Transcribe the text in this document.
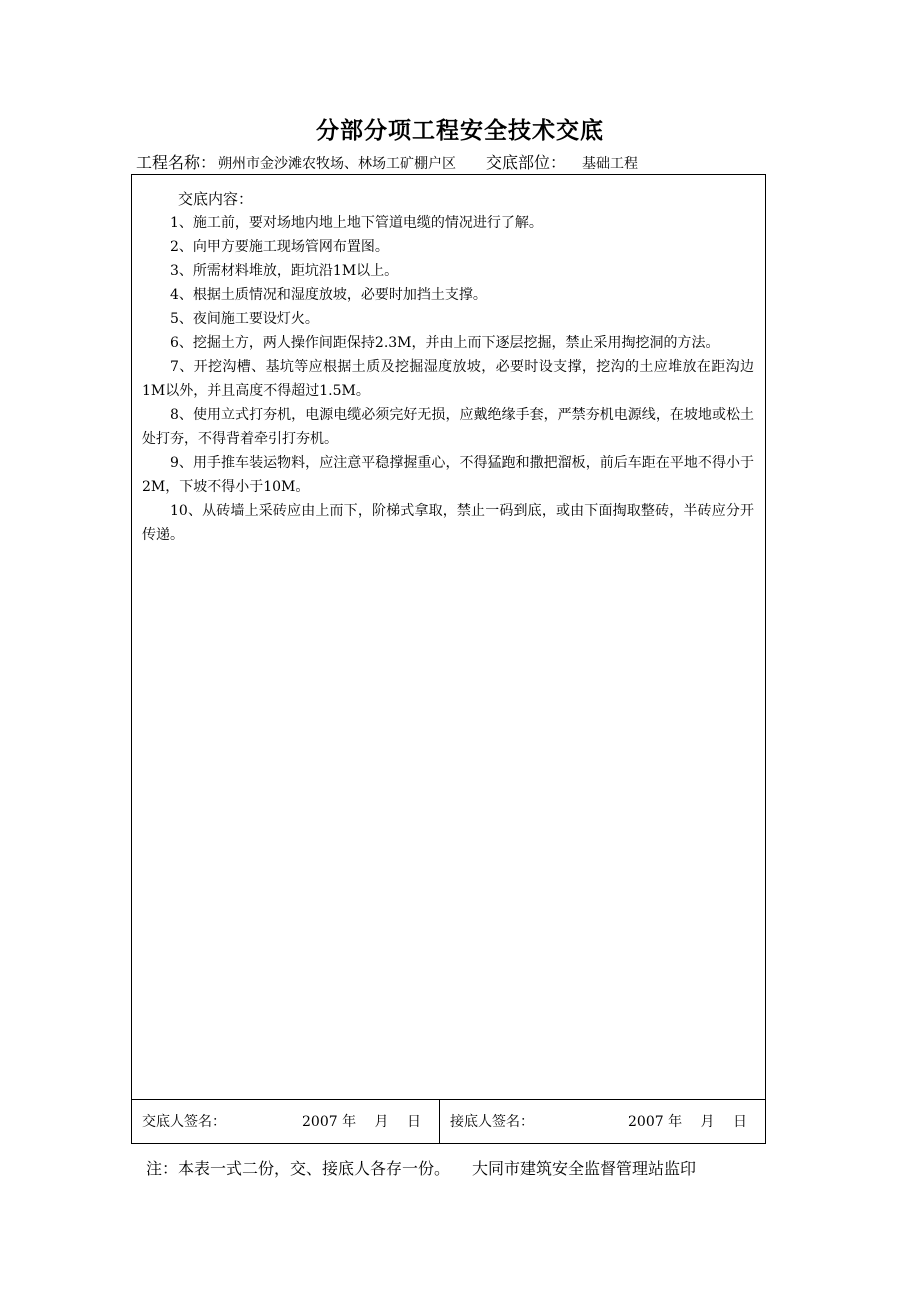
分部分项工程安全技术交底
工程名称： 朔州市金沙滩农牧场、林场工矿棚户区 交底部位： 基础工程
交底内容：

1、施工前，要对场地内地上地下管道电缆的情况进行了解。

2、向甲方要施工现场管网布置图。

3、所需材料堆放，距坑沿1M以上。

4、根据土质情况和湿度放坡，必要时加挡土支撑。

5、夜间施工要设灯火。

6、挖掘土方，两人操作间距保持2.3M，并由上而下逐层挖掘，禁止采用掏挖洞的方法。

7、开挖沟槽、基坑等应根据土质及挖掘湿度放坡，必要时设支撑，挖沟的土应堆放在距沟边1M以外，并且高度不得超过1.5M。

8、使用立式打夯机，电源电缆必须完好无损，应戴绝缘手套，严禁夯机电源线，在坡地或松土处打夯，不得背着牵引打夯机。

9、用手推车装运物料，应注意平稳撑握重心，不得猛跑和撒把溜板，前后车距在平地不得小于2M，下坡不得小于10M。

10、从砖墙上采砖应由上而下，阶梯式拿取，禁止一码到底，或由下面掏取整砖，半砖应分开传递。

交底人签名：	2007 年　 月　 日 接底人签名：	2007 年　 月　 日
注：本表一式二份，交、接底人各存一份。 大同市建筑安全监督管理站监印
